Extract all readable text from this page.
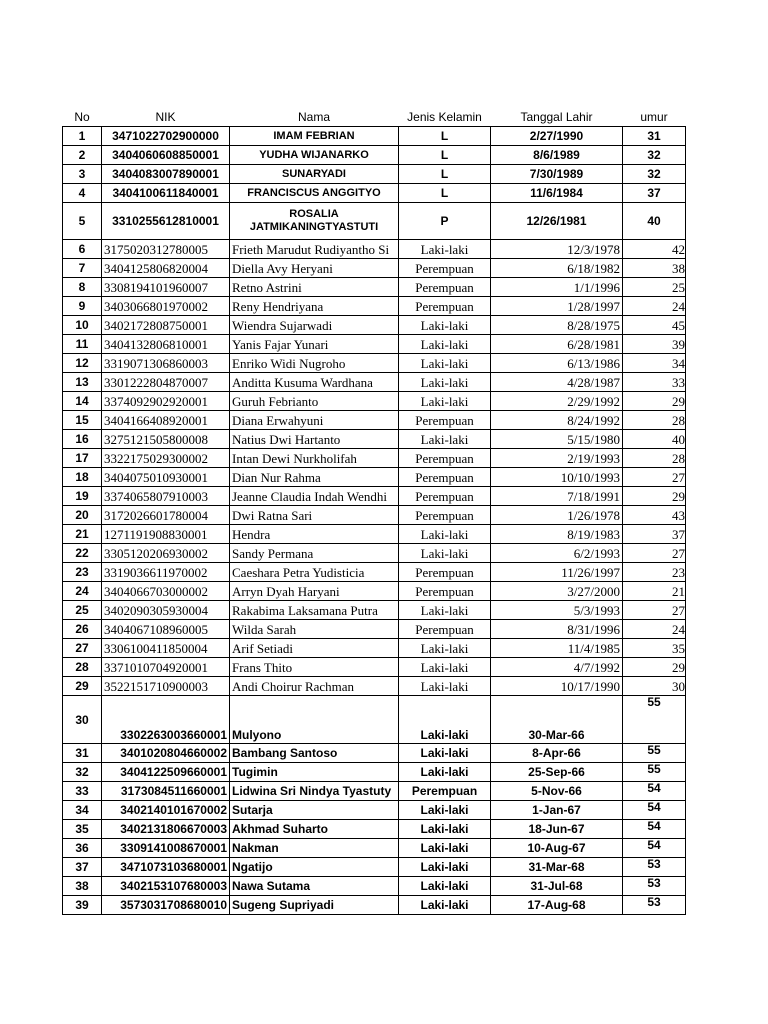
No	NIK	Nama	Jenis Kelamin	Tanggal Lahir	umur
1	3471022702900000	IMAM FEBRIAN	L	2/27/1990	31
2	3404060608850001	YUDHA WIJANARKO	L	8/6/1989	32
3	3404083007890001	SUNARYADI	L	7/30/1989	32
4	3404100611840001	FRANCISCUS ANGGITYO	L	11/6/1984	37
5	3310255612810001	ROSALIA JATMIKANINGTYASTUTI	P	12/26/1981	40
6	3175020312780005	Frieth Marudut Rudiyantho Si	Laki-laki	12/3/1978	42
7	3404125806820004	Diella Avy Heryani	Perempuan	6/18/1982	38
8	3308194101960007	Retno Astrini	Perempuan	1/1/1996	25
9	3403066801970002	Reny Hendriyana	Perempuan	1/28/1997	24
10	3402172808750001	Wiendra Sujarwadi	Laki-laki	8/28/1975	45
11	3404132806810001	Yanis Fajar Yunari	Laki-laki	6/28/1981	39
12	3319071306860003	Enriko Widi Nugroho	Laki-laki	6/13/1986	34
13	3301222804870007	Anditta Kusuma Wardhana	Laki-laki	4/28/1987	33
14	3374092902920001	Guruh Febrianto	Laki-laki	2/29/1992	29
15	3404166408920001	Diana Erwahyuni	Perempuan	8/24/1992	28
16	3275121505800008	Natius Dwi Hartanto	Laki-laki	5/15/1980	40
17	3322175029300002	Intan Dewi Nurkholifah	Perempuan	2/19/1993	28
18	3404075010930001	Dian Nur Rahma	Perempuan	10/10/1993	27
19	3374065807910003	Jeanne Claudia Indah Wendhi	Perempuan	7/18/1991	29
20	3172026601780004	Dwi Ratna Sari	Perempuan	1/26/1978	43
21	1271191908830001	Hendra	Laki-laki	8/19/1983	37
22	3305120206930002	Sandy Permana	Laki-laki	6/2/1993	27
23	3319036611970002	Caeshara Petra Yudisticia	Perempuan	11/26/1997	23
24	3404066703000002	Arryn Dyah Haryani	Perempuan	3/27/2000	21
25	3402090305930004	Rakabima Laksamana Putra	Laki-laki	5/3/1993	27
26	3404067108960005	Wilda Sarah	Perempuan	8/31/1996	24
27	3306100411850004	Arif Setiadi	Laki-laki	11/4/1985	35
28	3371010704920001	Frans Thito	Laki-laki	4/7/1992	29
29	3522151710900003	Andi Choirur Rachman	Laki-laki	10/17/1990	30
30	3302263003660001	Mulyono	Laki-laki	30-Mar-66	55
31	3401020804660002	Bambang Santoso	Laki-laki	8-Apr-66	55
32	3404122509660001	Tugimin	Laki-laki	25-Sep-66	55
33	3173084511660001	Lidwina Sri Nindya Tyastuty	Perempuan	5-Nov-66	54
34	3402140101670002	Sutarja	Laki-laki	1-Jan-67	54
35	3402131806670003	Akhmad Suharto	Laki-laki	18-Jun-67	54
36	3309141008670001	Nakman	Laki-laki	10-Aug-67	54
37	3471073103680001	Ngatijo	Laki-laki	31-Mar-68	53
38	3402153107680003	Nawa Sutama	Laki-laki	31-Jul-68	53
39	3573031708680010	Sugeng Supriyadi	Laki-laki	17-Aug-68	53
